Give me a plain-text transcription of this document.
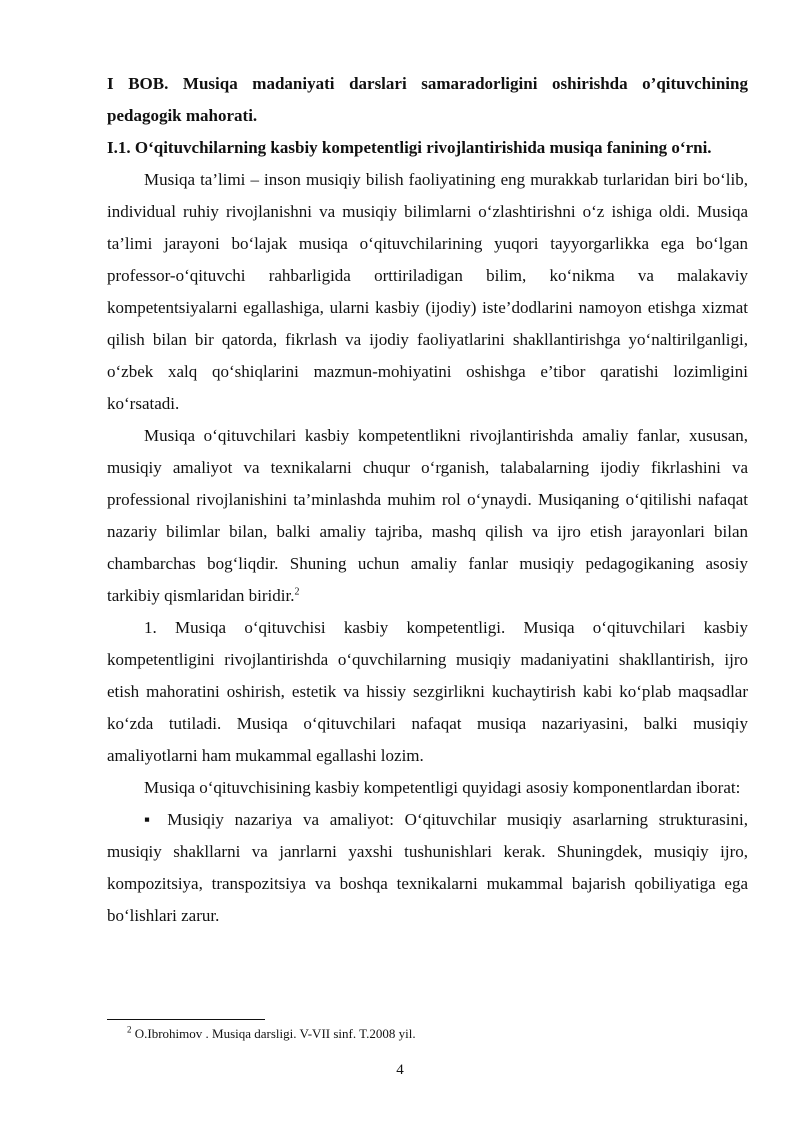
I BOB. Musiqa madaniyati darslari samaradorligini oshirishda o’qituvchining pedagogik mahorati.
I.1. O‘qituvchilarning kasbiy kompetentligi rivojlantirishida musiqa fanining o‘rni.

Musiqa ta’limi – inson musiqiy bilish faoliyatining eng murakkab turlaridan biri bo‘lib, individual ruhiy rivojlanishni va musiqiy bilimlarni o‘zlashtirishni o‘z ishiga oldi. Musiqa ta’limi jarayoni bo‘lajak musiqa o‘qituvchilarining yuqori tayyorgarlikka ega bo‘lgan professor-o‘qituvchi rahbarligida orttiriladigan bilim, ko‘nikma va malakaviy kompetentsiyalarni egallashiga, ularni kasbiy (ijodiy) iste’dodlarini namoyon etishga xizmat qilish bilan bir qatorda, fikrlash va ijodiy faoliyatlarini shakllantirishga yo‘naltirilganligi, o‘zbek xalq qo‘shiqlarini mazmun-mohiyatini oshishga e’tibor qaratishi lozimligini ko‘rsatadi.

Musiqa o‘qituvchilari kasbiy kompetentlikni rivojlantirishda amaliy fanlar, xususan, musiqiy amaliyot va texnikalarni chuqur o‘rganish, talabalarning ijodiy fikrlashini va professional rivojlanishini ta’minlashda muhim rol o‘ynaydi. Musiqaning o‘qitilishi nafaqat nazariy bilimlar bilan, balki amaliy tajriba, mashq qilish va ijro etish jarayonlari bilan chambarchas bog‘liqdir. Shuning uchun amaliy fanlar musiqiy pedagogikaning asosiy tarkibiy qismlaridan biridir.$^2$

1. Musiqa o‘qituvchisi kasbiy kompetentligi. Musiqa o‘qituvchilari kasbiy kompetentligini rivojlantirishda o‘quvchilarning musiqiy madaniyatini shakllantirish, ijro etish mahoratini oshirish, estetik va hissiy sezgirlikni kuchaytirish kabi ko‘plab maqsadlar ko‘zda tutiladi. Musiqa o‘qituvchilari nafaqat musiqa nazariyasini, balki musiqiy amaliyotlarni ham mukammal egallashi lozim.

Musiqa o‘qituvchisining kasbiy kompetentligi quyidagi asosiy komponentlardan iborat:

▪ Musiqiy nazariya va amaliyot: O‘qituvchilar musiqiy asarlarning strukturasini, musiqiy shakllarni va janrlarni yaxshi tushunishlari kerak. Shuningdek, musiqiy ijro, kompozitsiya, transpozitsiya va boshqa texnikalarni mukammal bajarish qobiliyatiga ega bo‘lishlari zarur.

$^2$ O.Ibrohimov . Musiqa darsligi. V-VII sinf. T.2008 yil.
4
